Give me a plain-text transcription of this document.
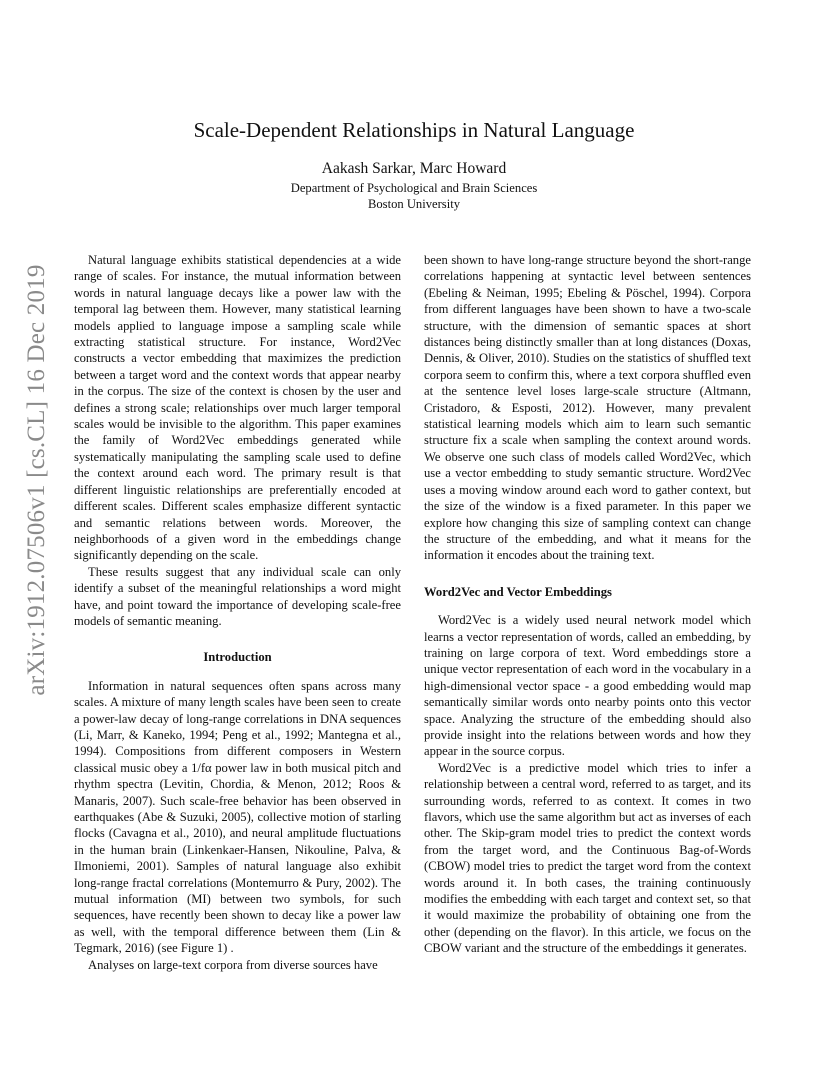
arXiv:1912.07506v1 [cs.CL] 16 Dec 2019
Scale-Dependent Relationships in Natural Language
Aakash Sarkar, Marc Howard
Department of Psychological and Brain Sciences
Boston University

Natural language exhibits statistical dependencies at a wide range of scales. For instance, the mutual information between words in natural language decays like a power law with the temporal lag between them. However, many statistical learning models applied to language impose a sampling scale while extracting statistical structure. For instance, Word2Vec constructs a vector embedding that maximizes the prediction between a target word and the context words that appear nearby in the corpus. The size of the context is chosen by the user and defines a strong scale; relationships over much larger temporal scales would be invisible to the algorithm. This paper examines the family of Word2Vec embeddings generated while systematically manipulating the sampling scale used to define the context around each word. The primary result is that different linguistic relationships are preferentially encoded at different scales. Different scales emphasize different syntactic and semantic relations between words. Moreover, the neighborhoods of a given word in the embeddings change significantly depending on the scale.

These results suggest that any individual scale can only identify a subset of the meaningful relationships a word might have, and point toward the importance of developing scale-free models of semantic meaning.

Introduction

Information in natural sequences often spans across many scales. A mixture of many length scales have been seen to create a power-law decay of long-range correlations in DNA sequences (Li, Marr, & Kaneko, 1994; Peng et al., 1992; Mantegna et al., 1994). Compositions from different composers in Western classical music obey a 1/fα power law in both musical pitch and rhythm spectra (Levitin, Chordia, & Menon, 2012; Roos & Manaris, 2007). Such scale-free behavior has been observed in earthquakes (Abe & Suzuki, 2005), collective motion of starling flocks (Cavagna et al., 2010), and neural amplitude fluctuations in the human brain (Linkenkaer-Hansen, Nikouline, Palva, & Ilmoniemi, 2001). Samples of natural language also exhibit long-range fractal correlations (Montemurro & Pury, 2002). The mutual information (MI) between two symbols, for such sequences, have recently been shown to decay like a power law as well, with the temporal difference between them (Lin & Tegmark, 2016) (see Figure 1) .

Analyses on large-text corpora from diverse sources have

been shown to have long-range structure beyond the short-range correlations happening at syntactic level between sentences (Ebeling & Neiman, 1995; Ebeling & Pöschel, 1994). Corpora from different languages have been shown to have a two-scale structure, with the dimension of semantic spaces at short distances being distinctly smaller than at long distances (Doxas, Dennis, & Oliver, 2010). Studies on the statistics of shuffled text corpora seem to confirm this, where a text corpora shuffled even at the sentence level loses large-scale structure (Altmann, Cristadoro, & Esposti, 2012). However, many prevalent statistical learning models which aim to learn such semantic structure fix a scale when sampling the context around words. We observe one such class of models called Word2Vec, which use a vector embedding to study semantic structure. Word2Vec uses a moving window around each word to gather context, but the size of the window is a fixed parameter. In this paper we explore how changing this size of sampling context can change the structure of the embedding, and what it means for the information it encodes about the training text.

Word2Vec and Vector Embeddings

Word2Vec is a widely used neural network model which learns a vector representation of words, called an embedding, by training on large corpora of text. Word embeddings store a unique vector representation of each word in the vocabulary in a high-dimensional vector space - a good embedding would map semantically similar words onto nearby points onto this vector space. Analyzing the structure of the embedding should also provide insight into the relations between words and how they appear in the source corpus.

Word2Vec is a predictive model which tries to infer a relationship between a central word, referred to as target, and its surrounding words, referred to as context. It comes in two flavors, which use the same algorithm but act as inverses of each other. The Skip-gram model tries to predict the context words from the target word, and the Continuous Bag-of-Words (CBOW) model tries to predict the target word from the context words around it. In both cases, the training continuously modifies the embedding with each target and context set, so that it would maximize the probability of obtaining one from the other (depending on the flavor). In this article, we focus on the CBOW variant and the structure of the embeddings it generates.
